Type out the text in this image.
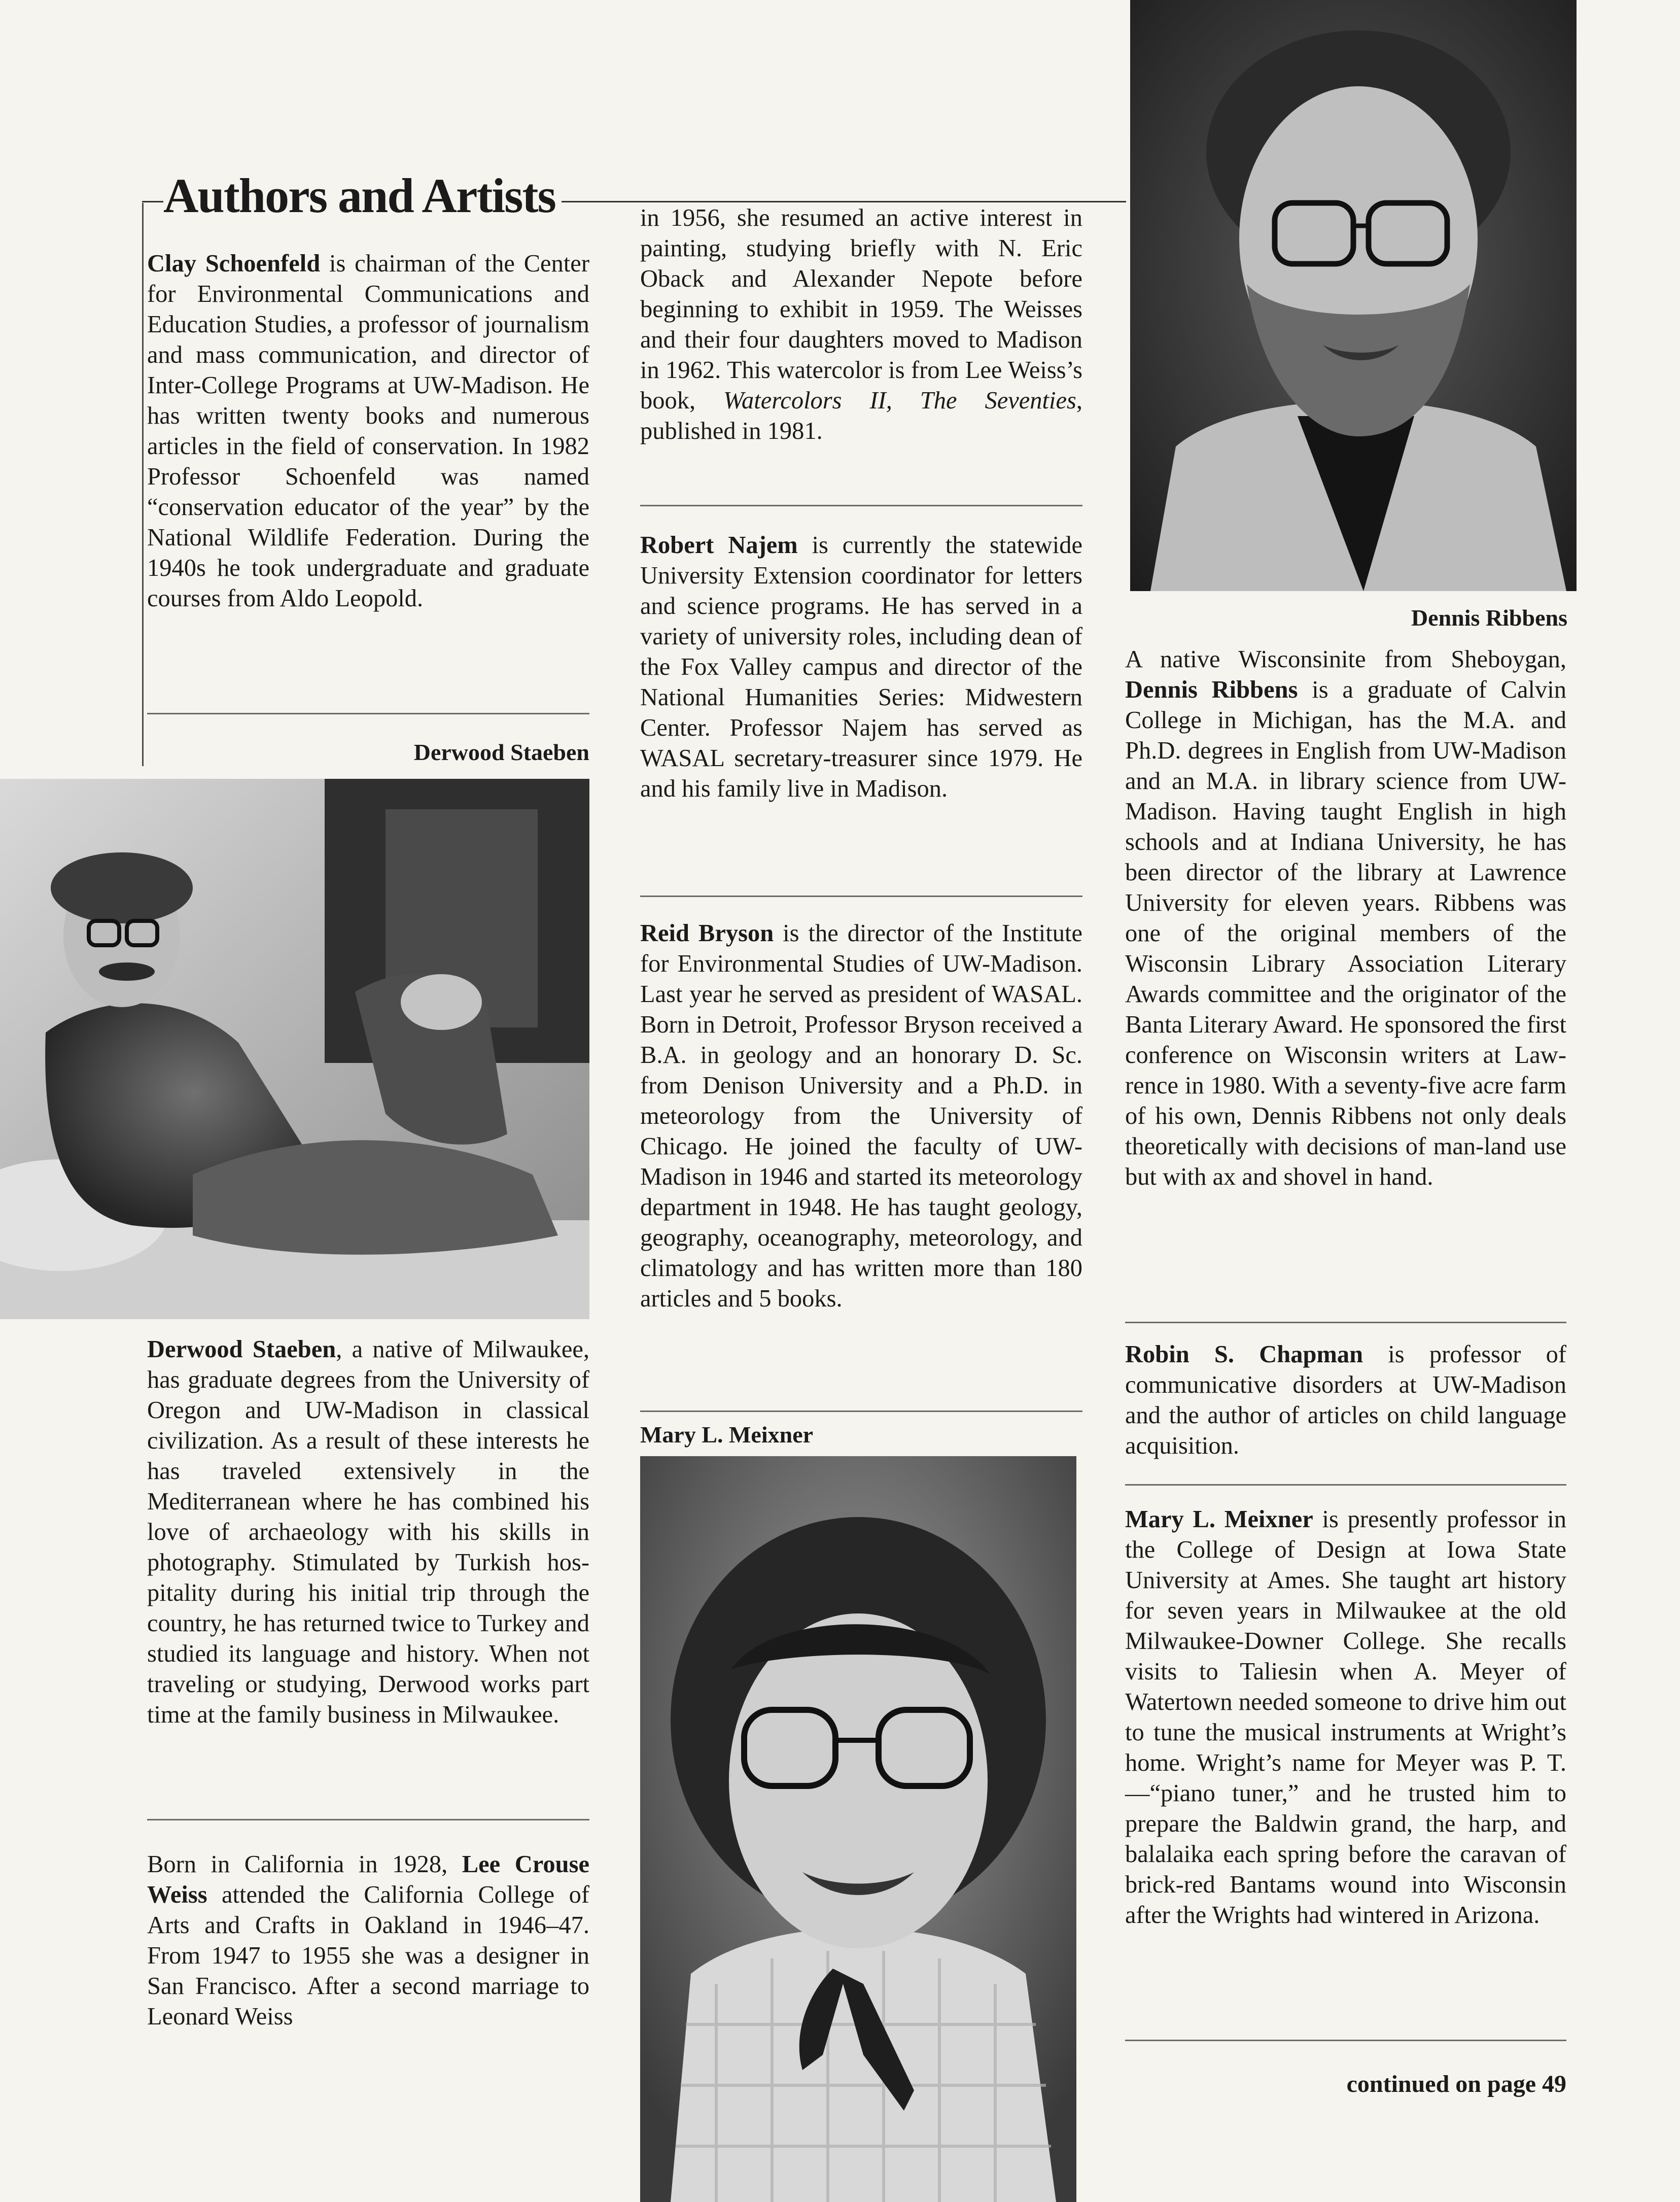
Authors and Artists

Clay Schoenfeld is chairman of the Center for Environmental Communications and Education Studies, a professor of journalism and mass communication, and director of Inter-College Programs at UW-Madison. He has written twenty books and numerous articles in the field of conservation. In 1982 Professor Schoenfeld was named “conservation educator of the year” by the National Wildlife Federation. During the 1940s he took undergraduate and graduate courses from Aldo Leopold.

Derwood Staeben

Derwood Staeben, a native of Milwaukee, has graduate degrees from the University of Oregon and UW-Madison in classical civilization. As a result of these interests he has traveled extensively in the Mediterranean where he has combined his love of archaeology with his skills in photography. Stimulated by Turkish hospitality during his initial trip through the country, he has returned twice to Turkey and studied its language and history. When not traveling or studying, Derwood works part time at the family business in Milwaukee.

Born in California in 1928, Lee Crouse Weiss attended the California College of Arts and Crafts in Oakland in 1946–47. From 1947 to 1955 she was a designer in San Francisco. After a second marriage to Leonard Weiss

in 1956, she resumed an active interest in painting, studying briefly with N. Eric Oback and Alexander Nepote before beginning to exhibit in 1959. The Weisses and their four daughters moved to Madison in 1962. This watercolor is from Lee Weiss’s book, Watercolors II, The Seventies, published in 1981.

Robert Najem is currently the statewide University Extension coordinator for letters and science programs. He has served in a variety of university roles, including dean of the Fox Valley campus and director of the National Humanities Series: Midwestern Center. Professor Najem has served as WASAL secretary-treasurer since 1979. He and his family live in Madison.

Reid Bryson is the director of the Institute for Environmental Studies of UW-Madison. Last year he served as president of WASAL. Born in Detroit, Professor Bryson received a B.A. in geology and an honorary D. Sc. from Denison University and a Ph.D. in meteorology from the University of Chicago. He joined the faculty of UW-Madison in 1946 and started its meteorology department in 1948. He has taught geology, geography, oceanography, meteorology, and climatology and has written more than 180 articles and 5 books.

Mary L. Meixner
Dennis Ribbens

A native Wisconsinite from Sheboygan, Dennis Ribbens is a graduate of Calvin College in Michigan, has the M.A. and Ph.D. degrees in English from UW-Madison and an M.A. in library science from UW-Madison. Having taught English in high schools and at Indiana University, he has been director of the library at Lawrence University for eleven years. Ribbens was one of the original members of the Wisconsin Library Association Literary Awards committee and the originator of the Banta Literary Award. He sponsored the first conference on Wisconsin writers at Lawrence in 1980. With a seventy-five acre farm of his own, Dennis Ribbens not only deals theoretically with decisions of man-land use but with ax and shovel in hand.

Robin S. Chapman is professor of communicative disorders at UW-Madison and the author of articles on child language acquisition.

Mary L. Meixner is presently professor in the College of Design at Iowa State University at Ames. She taught art history for seven years in Milwaukee at the old Milwaukee-Downer College. She recalls visits to Taliesin when A. Meyer of Watertown needed someone to drive him out to tune the musical instruments at Wright’s home. Wright’s name for Meyer was P. T.—“piano tuner,” and he trusted him to prepare the Baldwin grand, the harp, and balalaika each spring before the caravan of brick-red Bantams wound into Wisconsin after the Wrights had wintered in Arizona.

continued on page 49
